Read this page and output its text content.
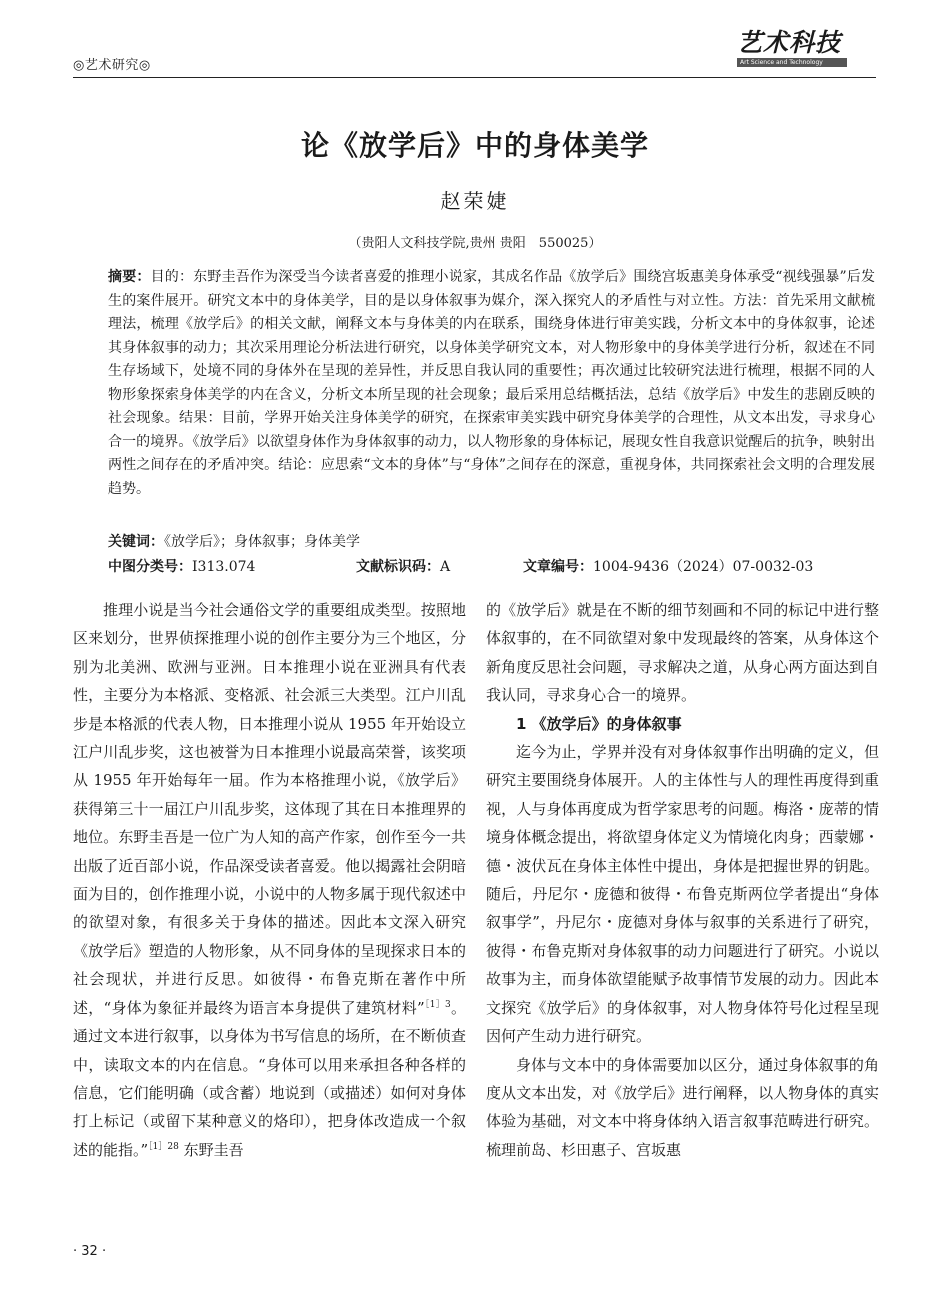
◎艺术研究◎
艺术科技
Art Science and Technology
论《放学后》中的身体美学
赵荣婕
（贵阳人文科技学院,贵州 贵阳　550025）

摘要：目的：东野圭吾作为深受当今读者喜爱的推理小说家，其成名作品《放学后》围绕宫坂惠美身体承受“视线强暴”后发生的案件展开。研究文本中的身体美学，目的是以身体叙事为媒介，深入探究人的矛盾性与对立性。方法：首先采用文献梳理法，梳理《放学后》的相关文献，阐释文本与身体美的内在联系，围绕身体进行审美实践，分析文本中的身体叙事，论述其身体叙事的动力；其次采用理论分析法进行研究，以身体美学研究文本，对人物形象中的身体美学进行分析，叙述在不同生存场域下，处境不同的身体外在呈现的差异性，并反思自我认同的重要性；再次通过比较研究法进行梳理，根据不同的人物形象探索身体美学的内在含义，分析文本所呈现的社会现象；最后采用总结概括法，总结《放学后》中发生的悲剧反映的社会现象。结果：目前，学界开始关注身体美学的研究，在探索审美实践中研究身体美学的合理性，从文本出发，寻求身心合一的境界。《放学后》以欲望身体作为身体叙事的动力，以人物形象的身体标记，展现女性自我意识觉醒后的抗争，映射出两性之间存在的矛盾冲突。结论：应思索“文本的身体”与“身体”之间存在的深意，重视身体，共同探索社会文明的合理发展趋势。

关键词：《放学后》；身体叙事；身体美学
中图分类号：I313.074	文献标识码：A	文章编号：1004-9436（2024）07-0032-03

推理小说是当今社会通俗文学的重要组成类型。按照地区来划分，世界侦探推理小说的创作主要分为三个地区，分别为北美洲、欧洲与亚洲。日本推理小说在亚洲具有代表性，主要分为本格派、变格派、社会派三大类型。江户川乱步是本格派的代表人物，日本推理小说从 1955 年开始设立江户川乱步奖，这也被誉为日本推理小说最高荣誉，该奖项从 1955 年开始每年一届。作为本格推理小说，《放学后》获得第三十一届江户川乱步奖，这体现了其在日本推理界的地位。东野圭吾是一位广为人知的高产作家，创作至今一共出版了近百部小说，作品深受读者喜爱。他以揭露社会阴暗面为目的，创作推理小说，小说中的人物多属于现代叙述中的欲望对象，有很多关于身体的描述。因此本文深入研究《放学后》塑造的人物形象，从不同身体的呈现探求日本的社会现状，并进行反思。如彼得・布鲁克斯在著作中所述，“身体为象征并最终为语言本身提供了建筑材料”$^{[1]3}$。通过文本进行叙事，以身体为书写信息的场所，在不断侦查中，读取文本的内在信息。“身体可以用来承担各种各样的信息，它们能明确（或含蓄）地说到（或描述）如何对身体打上标记（或留下某种意义的烙印），把身体改造成一个叙述的能指。”$^{[1]28}$ 东野圭吾

的《放学后》就是在不断的细节刻画和不同的标记中进行整体叙事的，在不同欲望对象中发现最终的答案，从身体这个新角度反思社会问题，寻求解决之道，从身心两方面达到自我认同，寻求身心合一的境界。

1 《放学后》的身体叙事

迄今为止，学界并没有对身体叙事作出明确的定义，但研究主要围绕身体展开。人的主体性与人的理性再度得到重视，人与身体再度成为哲学家思考的问题。梅洛・庞蒂的情境身体概念提出，将欲望身体定义为情境化肉身；西蒙娜・德・波伏瓦在身体主体性中提出，身体是把握世界的钥匙。随后，丹尼尔・庞德和彼得・布鲁克斯两位学者提出“身体叙事学”，丹尼尔・庞德对身体与叙事的关系进行了研究，彼得・布鲁克斯对身体叙事的动力问题进行了研究。小说以故事为主，而身体欲望能赋予故事情节发展的动力。因此本文探究《放学后》的身体叙事，对人物身体符号化过程呈现因何产生动力进行研究。

身体与文本中的身体需要加以区分，通过身体叙事的角度从文本出发，对《放学后》进行阐释，以人物身体的真实体验为基础，对文本中将身体纳入语言叙事范畴进行研究。梳理前岛、杉田惠子、宫坂惠

· 32 ·
